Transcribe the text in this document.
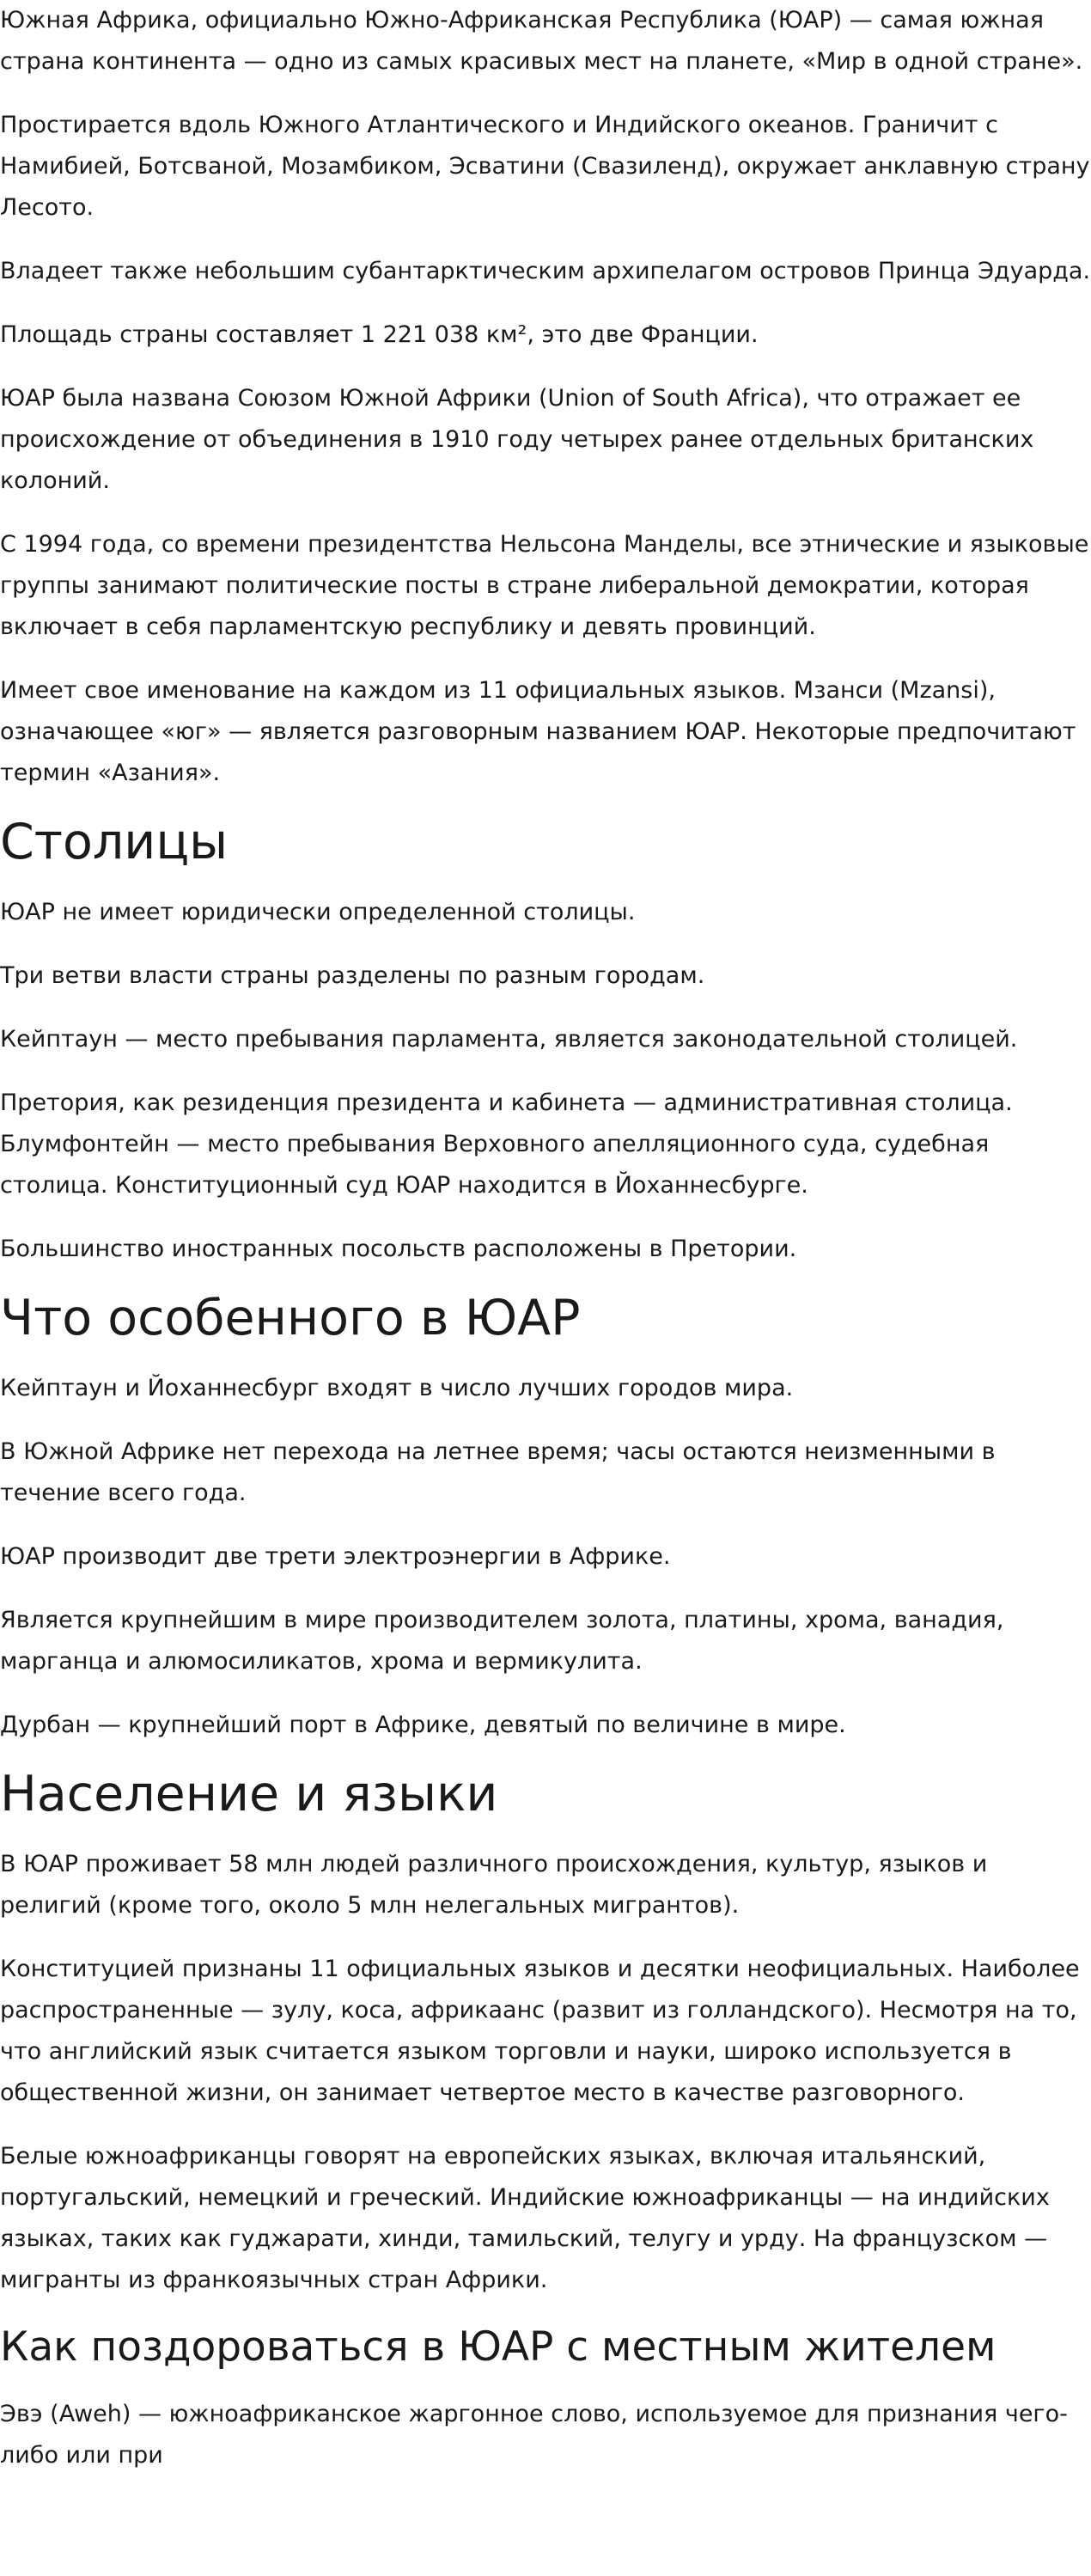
Южная Африка, официально Южно-Африканская Республика (ЮАР) — самая южная страна континента — одно из самых красивых мест на планете, «Мир в одной стране».

Простирается вдоль Южного Атлантического и Индийского океанов. Граничит с Намибией, Ботсваной, Мозамбиком, Эсватини (Свазиленд), окружает анклавную страну Лесото.

Владеет также небольшим субантарктическим архипелагом островов Принца Эдуарда.

Площадь страны составляет 1 221 038 км², это две Франции.

ЮАР была названа Союзом Южной Африки (Union of South Africa), что отражает ее происхождение от объединения в 1910 году четырех ранее отдельных британских колоний.

С 1994 года, со времени президентства Нельсона Манделы, все этнические и языковые группы занимают политические посты в стране либеральной демократии, которая включает в себя парламентскую республику и девять провинций.

Имеет свое именование на каждом из 11 официальных языков. Мзанси (Mzansi), означающее «юг» — является разговорным названием ЮАР. Некоторые предпочитают термин «Азания».

Столицы

ЮАР не имеет юридически определенной столицы.

Три ветви власти страны разделены по разным городам.

Кейптаун — место пребывания парламента, является законодательной столицей.

Претория, как резиденция президента и кабинета — административная столица. Блумфонтейн — место пребывания Верховного апелляционного суда, судебная столица. Конституционный суд ЮАР находится в Йоханнесбурге.

Большинство иностранных посольств расположены в Претории.

Что особенного в ЮАР

Кейптаун и Йоханнесбург входят в число лучших городов мира.

В Южной Африке нет перехода на летнее время; часы остаются неизменными в течение всего года.

ЮАР производит две трети электроэнергии в Африке.

Является крупнейшим в мире производителем золота, платины, хрома, ванадия, марганца и алюмосиликатов, хрома и вермикулита.

Дурбан — крупнейший порт в Африке, девятый по величине в мире.

Население и языки

В ЮАР проживает 58 млн людей различного происхождения, культур, языков и религий (кроме того, около 5 млн нелегальных мигрантов).

Конституцией признаны 11 официальных языков и десятки неофициальных. Наиболее распространенные — зулу, коса, африкаанс (развит из голландского). Несмотря на то, что английский язык считается языком торговли и науки, широко используется в общественной жизни, он занимает четвертое место в качестве разговорного.

Белые южноафриканцы говорят на европейских языках, включая итальянский, португальский, немецкий и греческий. Индийские южноафриканцы — на индийских языках, таких как гуджарати, хинди, тамильский, телугу и урду. На французском — мигранты из франкоязычных стран Африки.

Как поздороваться в ЮАР с местным жителем

Эвэ (Aweh) — южноафриканское жаргонное слово, используемое для признания чего-либо или при
